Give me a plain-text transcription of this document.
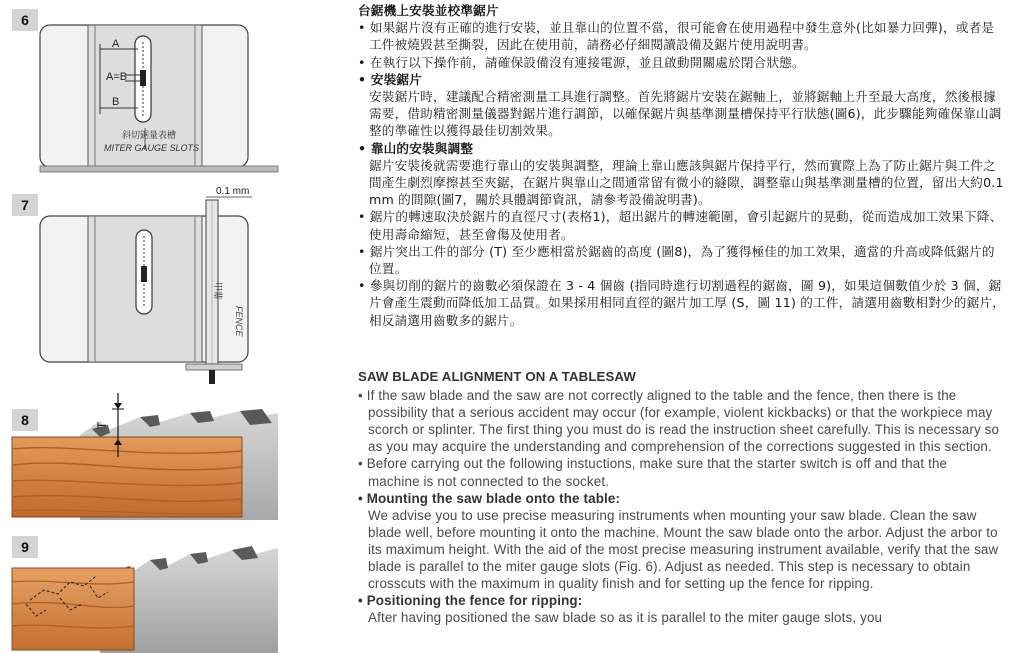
6
A
A=B
B
斜切鋸量表槽
MITER GAUGE SLOTS
7
0.1 mm
靠山
FENCE
8	T
9

台鋸機上安裝並校準鋸片

• 如果鋸片沒有正確的進行安裝，並且靠山的位置不當，很可能會在使用過程中發生意外(比如暴力回彈)，或者是工件被燒毀甚至撕裂，因此在使用前，請務必仔細閱讀設備及鋸片使用說明書。

• 在執行以下操作前，請確保設備沒有連接電源，並且啟動開關處於閉合狀態。

• 安裝鋸片

安裝鋸片時，建議配合精密測量工具進行調整。首先將鋸片安裝在鋸軸上，並將鋸軸上升至最大高度，然後根據需要，借助精密測量儀器對鋸片進行調節，以確保鋸片與基準測量槽保持平行狀態(圖6)，此步驟能夠確保靠山調整的準確性以獲得最佳切割效果。

• 靠山的安裝與調整

鋸片安裝後就需要進行靠山的安裝與調整，理論上靠山應該與鋸片保持平行，然而實際上為了防止鋸片與工件之間產生劇烈摩擦甚至夾鋸，在鋸片與靠山之間通常留有微小的縫隙，調整靠山與基準測量槽的位置，留出大約0.1 mm 的間隙(圖7，關於具體調節資訊，請參考設備說明書)。

• 鋸片的轉速取決於鋸片的直徑尺寸(表格1)，超出鋸片的轉速範圍，會引起鋸片的晃動，從而造成加工效果下降、使用壽命縮短，甚至會傷及使用者。

• 鋸片突出工件的部分 (T) 至少應相當於鋸齒的高度 (圖8)，為了獲得極佳的加工效果，適當的升高或降低鋸片的位置。

• 參與切削的鋸片的齒數必須保證在 3 - 4 個齒 (指同時進行切割過程的鋸齒，圖 9)，如果這個數值少於 3 個，鋸片會產生震動而降低加工品質。如果採用相同直徑的鋸片加工厚 (S，圖 11) 的工件，請選用齒數相對少的鋸片，相反請選用齒數多的鋸片。

SAW BLADE ALIGNMENT ON A TABLESAW

• If the saw blade and the saw are not correctly aligned to the table and the fence, then there is the possibility that a serious accident may occur (for example, violent kickbacks) or that the workpiece may scorch or splinter. The first thing you must do is read the instruction sheet carefully. This is necessary so as you may acquire the understanding and comprehension of the corrections suggested in this section.

• Before carrying out the following instuctions, make sure that the starter switch is off and that the machine is not connected to the socket.

• Mounting the saw blade onto the table:

We advise you to use precise measuring instruments when mounting your saw blade. Clean the saw blade well, before mounting it onto the machine. Mount the saw blade onto the arbor. Adjust the arbor to its maximum height. With the aid of the most precise measuring instrument available, verify that the saw blade is parallel to the miter gauge slots (Fig. 6). Adjust as needed. This step is necessary to obtain crosscuts with the maximum in quality finish and for setting up the fence for ripping.

• Positioning the fence for ripping:

After having positioned the saw blade so as it is parallel to the miter gauge slots, you
